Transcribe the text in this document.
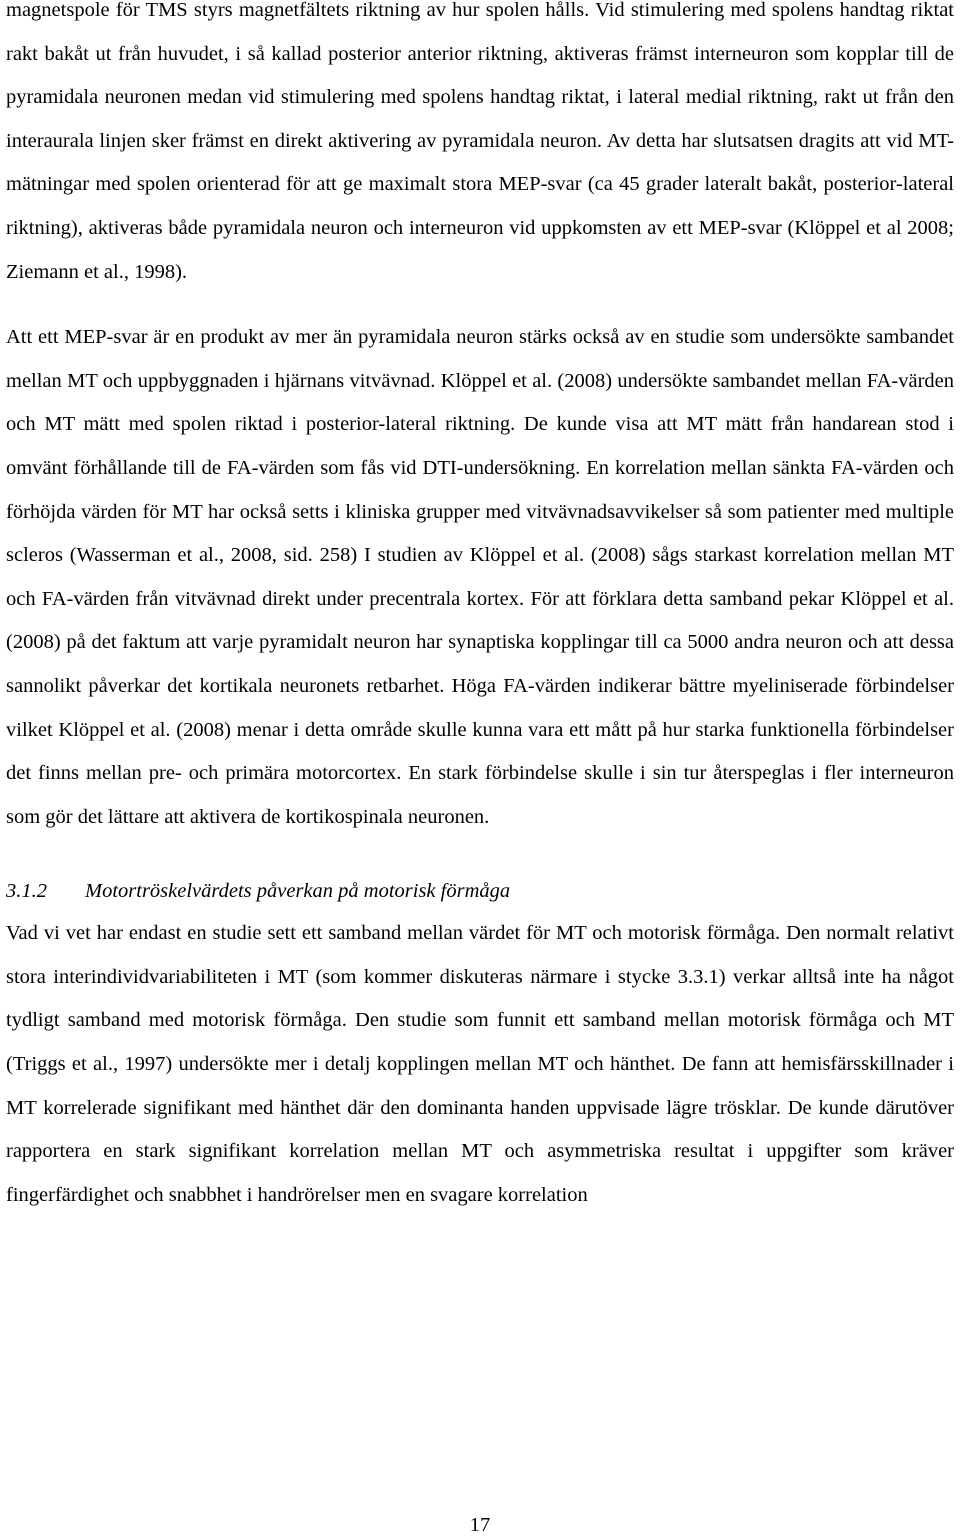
magnetspole för TMS styrs magnetfältets riktning av hur spolen hålls. Vid stimulering med spolens handtag riktat rakt bakåt ut från huvudet, i så kallad posterior anterior riktning, aktiveras främst interneuron som kopplar till de pyramidala neuronen medan vid stimulering med spolens handtag riktat, i lateral medial riktning, rakt ut från den interaurala linjen sker främst en direkt aktivering av pyramidala neuron. Av detta har slutsatsen dragits att vid MT-mätningar med spolen orienterad för att ge maximalt stora MEP-svar (ca 45 grader lateralt bakåt, posterior-lateral riktning), aktiveras både pyramidala neuron och interneuron vid uppkomsten av ett MEP-svar (Klöppel et al 2008; Ziemann et al., 1998).

Att ett MEP-svar är en produkt av mer än pyramidala neuron stärks också av en studie som undersökte sambandet mellan MT och uppbyggnaden i hjärnans vitvävnad. Klöppel et al. (2008) undersökte sambandet mellan FA-värden och MT mätt med spolen riktad i posterior-lateral riktning. De kunde visa att MT mätt från handarean stod i omvänt förhållande till de FA-värden som fås vid DTI-undersökning. En korrelation mellan sänkta FA-värden och förhöjda värden för MT har också setts i kliniska grupper med vitvävnadsavvikelser så som patienter med multiple scleros (Wasserman et al., 2008, sid. 258) I studien av Klöppel et al. (2008) sågs starkast korrelation mellan MT och FA-värden från vitvävnad direkt under precentrala kortex. För att förklara detta samband pekar Klöppel et al. (2008) på det faktum att varje pyramidalt neuron har synaptiska kopplingar till ca 5000 andra neuron och att dessa sannolikt påverkar det kortikala neuronets retbarhet. Höga FA-värden indikerar bättre myeliniserade förbindelser vilket Klöppel et al. (2008) menar i detta område skulle kunna vara ett mått på hur starka funktionella förbindelser det finns mellan pre- och primära motorcortex. En stark förbindelse skulle i sin tur återspeglas i fler interneuron som gör det lättare att aktivera de kortikospinala neuronen.

3.1.2	Motortröskelvärdets påverkan på motorisk förmåga

Vad vi vet har endast en studie sett ett samband mellan värdet för MT och motorisk förmåga. Den normalt relativt stora interindividvariabiliteten i MT (som kommer diskuteras närmare i stycke 3.3.1) verkar alltså inte ha något tydligt samband med motorisk förmåga. Den studie som funnit ett samband mellan motorisk förmåga och MT (Triggs et al., 1997) undersökte mer i detalj kopplingen mellan MT och hänthet. De fann att hemisfärsskillnader i MT korrelerade signifikant med hänthet där den dominanta handen uppvisade lägre trösklar. De kunde därutöver rapportera en stark signifikant korrelation mellan MT och asymmetriska resultat i uppgifter som kräver fingerfärdighet och snabbhet i handrörelser men en svagare korrelation

17
